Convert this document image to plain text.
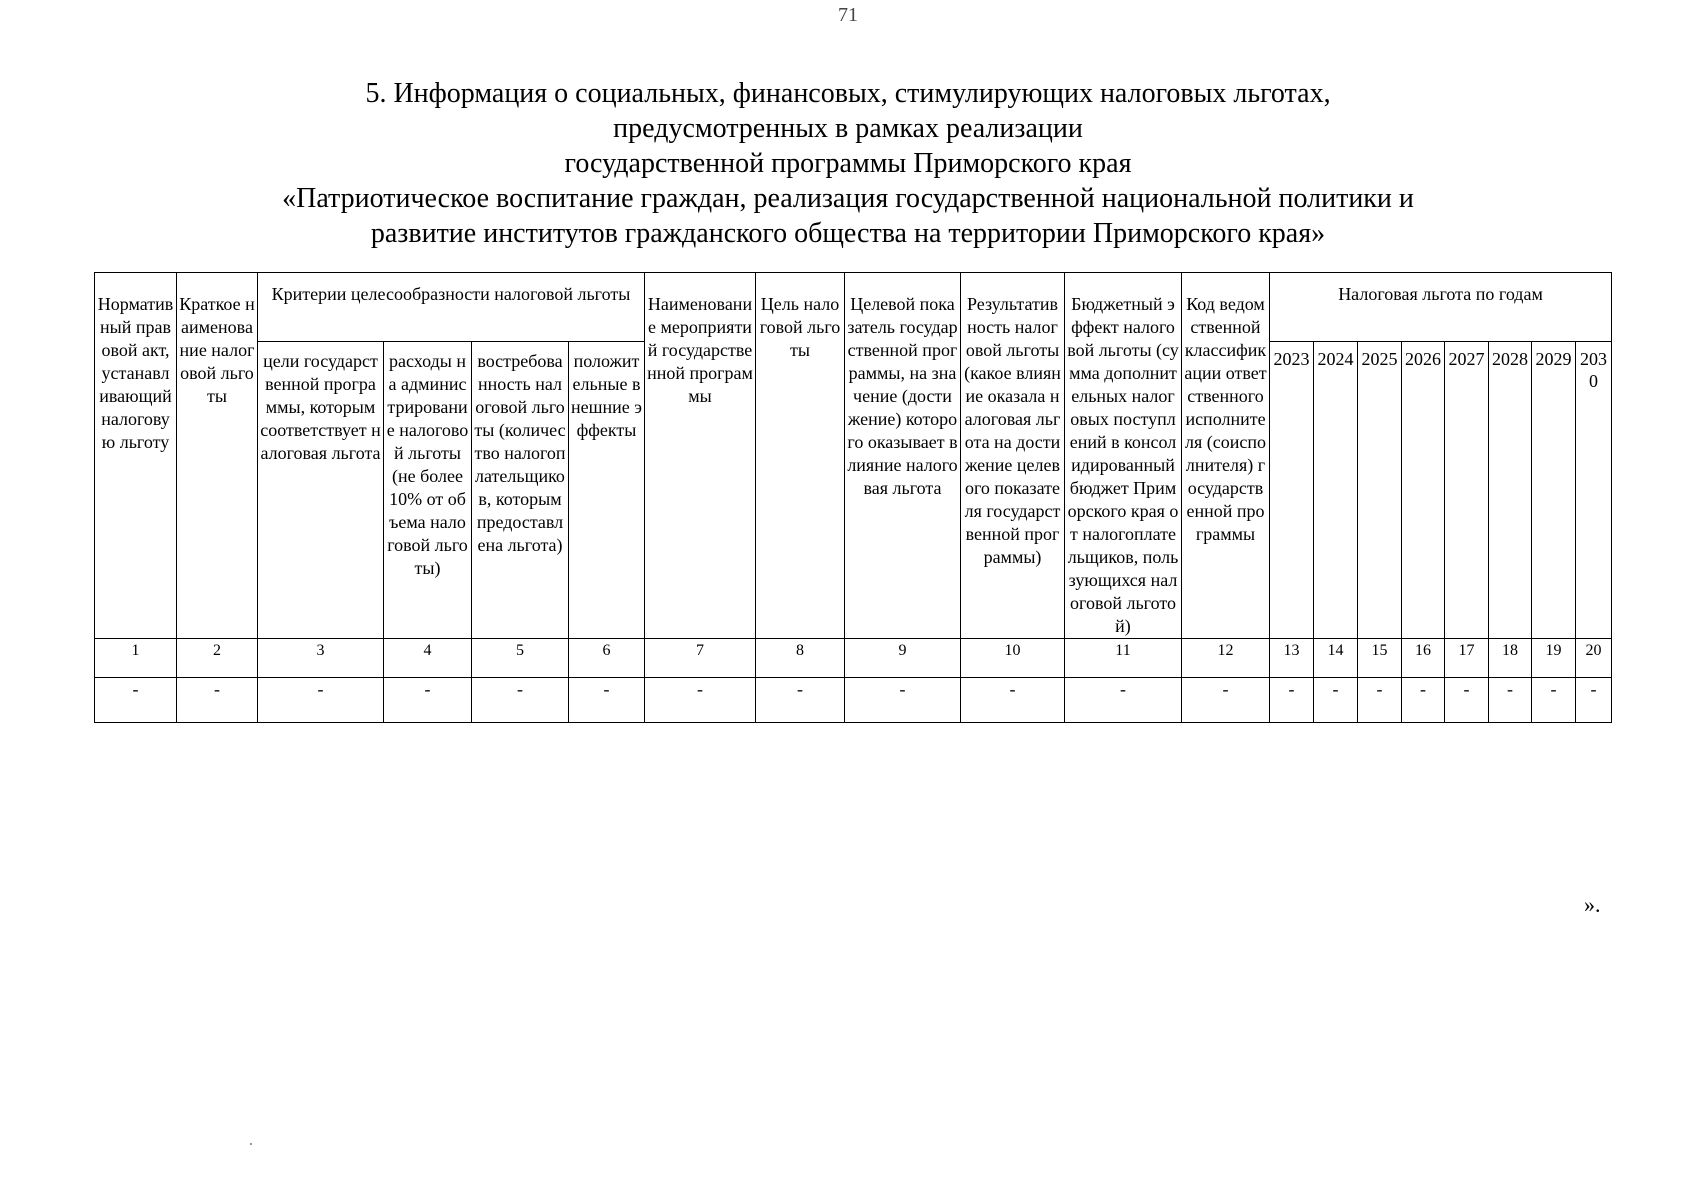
71
5. Информация о социальных, финансовых, стимулирующих налоговых льготах,
предусмотренных в рамках реализации
государственной программы Приморского края
«Патриотическое воспитание граждан, реализация государственной национальной политики и
развитие институтов гражданского общества на территории Приморского края»
Нормативный правовой акт, устанавливающий налоговую льготу	Краткое наименование налоговой льготы	Критерии целесообразности налоговой льготы				Наименование мероприятий государственной программы	Цель налоговой льготы	Целевой показатель государственной программы, на значение (достижение) которого оказывает влияние налоговая льгота	Результативность налоговой льготы (какое влияние оказала налоговая льгота на достижение целевого показателя государственной программы)	Бюджетный эффект налоговой льготы (сумма дополнительных налоговых поступлений в консолидированный бюджет Приморского края от налогоплательщиков, пользующихся налоговой льготой)	Код ведомственной классификации ответственного исполнителя (соисполнителя) государственной программы	Налоговая льгота по годам							
		цели государственной программы, которым соответствует налоговая льгота	расходы на администрирование налоговой льготы (не более 10% от объема налоговой льготы)	востребованность налоговой льготы (количество налогоплательщиков, которым предоставлена льгота)	положительные внешние эффекты							2023	2024	2025	2026	2027	2028	2029	2030
1	2	3	4	5	6	7	8	9	10	11	12	13	14	15	16	17	18	19	20
-	-	-	-	-	-	-	-	-	-	-	-	-	-	-	-	-	-	-	-
».
